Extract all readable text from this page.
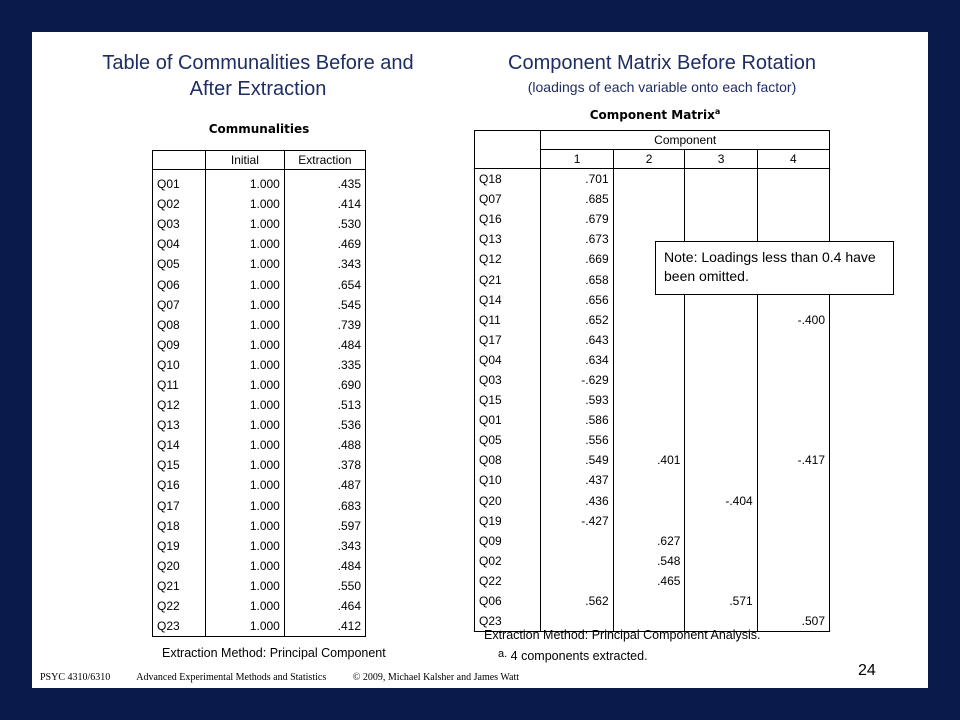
Table of Communalities Before and After Extraction
Component Matrix Before Rotation
(loadings of each variable onto each factor)
Communalities
	Initial	Extraction
Q01	1.000	.435
Q02	1.000	.414
Q03	1.000	.530
Q04	1.000	.469
Q05	1.000	.343
Q06	1.000	.654
Q07	1.000	.545
Q08	1.000	.739
Q09	1.000	.484
Q10	1.000	.335
Q11	1.000	.690
Q12	1.000	.513
Q13	1.000	.536
Q14	1.000	.488
Q15	1.000	.378
Q16	1.000	.487
Q17	1.000	.683
Q18	1.000	.597
Q19	1.000	.343
Q20	1.000	.484
Q21	1.000	.550
Q22	1.000	.464
Q23	1.000	.412
Extraction Method: Principal Component
Component Matrix$^a$
	Component			
	1	2	3	4
Q18	.701			
Q07	.685			
Q16	.679			
Q13	.673			
Q12	.669			
Q21	.658			
Q14	.656			
Q11	.652			-.400
Q17	.643			
Q04	.634			
Q03	-.629			
Q15	.593			
Q01	.586			
Q05	.556			
Q08	.549	.401		-.417
Q10	.437			
Q20	.436		-.404	
Q19	-.427			
Q09		.627		
Q02		.548		
Q22		.465		
Q06	.562		.571	
Q23				.507
Extraction Method: Principal Component Analysis.
a. 4 components extracted.
Note: Loadings less than 0.4 have been omitted.
PSYC 4310/6310	Advanced Experimental Methods and Statistics	© 2009, Michael Kalsher and James Watt	24
